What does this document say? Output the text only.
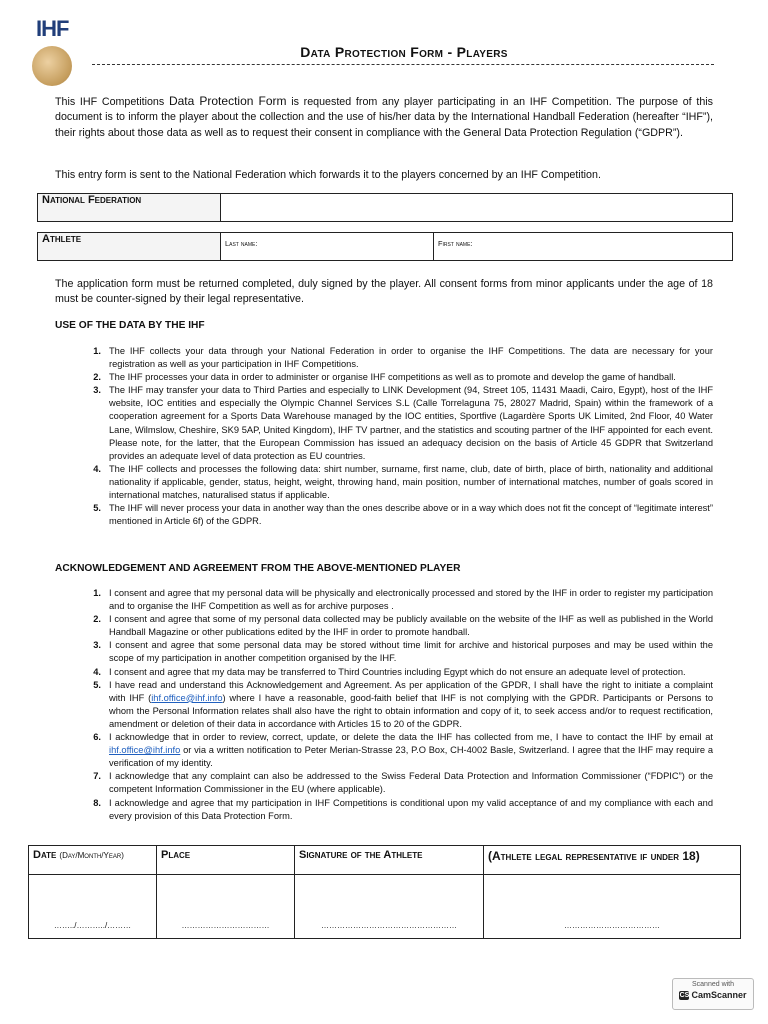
IHF
Data Protection Form - Players
This IHF Competitions Data Protection Form is requested from any player participating in an IHF Competition. The purpose of this document is to inform the player about the collection and the use of his/her data by the International Handball Federation (hereafter “IHF”), their rights about those data as well as to request their consent in compliance with the General Data Protection Regulation (“GDPR”).
This entry form is sent to the National Federation which forwards it to the players concerned by an IHF Competition.
National Federation	
Athlete	Last name:	First name:
The application form must be returned completed, duly signed by the player. All consent forms from minor applicants under the age of 18 must be counter-signed by their legal representative.
USE OF THE DATA BY THE IHF
1. The IHF collects your data through your National Federation in order to organise the IHF Competitions. The data are necessary for your registration as well as your participation in IHF Competitions.
2. The IHF processes your data in order to administer or organise IHF competitions as well as to promote and develop the game of handball.
3. The IHF may transfer your data to Third Parties and especially to LINK Development (94, Street 105, 11431 Maadi, Cairo, Egypt), host of the IHF website, IOC entities and especially the Olympic Channel Services S.L (Calle Torrelaguna 75, 28027 Madrid, Spain) within the framework of a cooperation agreement for a Sports Data Warehouse managed by the IOC entities, Sportfive (Lagardère Sports UK Limited, 2nd Floor, 40 Water Lane, Wilmslow, Cheshire, SK9 5AP, United Kingdom), IHF TV partner, and the statistics and scouting partner of the IHF appointed for each event. Please note, for the latter, that the European Commission has issued an adequacy decision on the basis of Article 45 GDPR that Switzerland provides an adequate level of data protection as EU countries.
4. The IHF collects and processes the following data: shirt number, surname, first name, club, date of birth, place of birth, nationality and additional nationality if applicable, gender, status, height, weight, throwing hand, main position, number of international matches, number of goals scored in international matches, naturalised status if applicable.
5. The IHF will never process your data in another way than the ones describe above or in a way which does not fit the concept of “legitimate interest” mentioned in Article 6f) of the GDPR.
ACKNOWLEDGEMENT AND AGREEMENT FROM THE ABOVE-MENTIONED PLAYER
1. I consent and agree that my personal data will be physically and electronically processed and stored by the IHF in order to register my participation and to organise the IHF Competition as well as for archive purposes .
2. I consent and agree that some of my personal data collected may be publicly available on the website of the IHF as well as published in the World Handball Magazine or other publications edited by the IHF in order to promote handball.
3. I consent and agree that some personal data may be stored without time limit for archive and historical purposes and may be used within the scope of my participation in another competition organised by the IHF.
4. I consent and agree that my data may be transferred to Third Countries including Egypt which do not ensure an adequate level of protection.
5. I have read and understand this Acknowledgement and Agreement. As per application of the GPDR, I shall have the right to initiate a complaint with IHF (ihf.office@ihf.info) where I have a reasonable, good-faith belief that IHF is not complying with the GPDR. Participants or Persons to whom the Personal Information relates shall also have the right to obtain information and copy of it, to seek access and/or to request rectification, amendment or deletion of their data in accordance with Articles 15 to 20 of the GDPR.
6. I acknowledge that in order to review, correct, update, or delete the data the IHF has collected from me, I have to contact the IHF by email at ihf.office@ihf.info or via a written notification to Peter Merian-Strasse 23, P.O Box, CH-4002 Basle, Switzerland. I agree that the IHF may require a verification of my identity.
7. I acknowledge that any complaint can also be addressed to the Swiss Federal Data Protection and Information Commissioner (“FDPIC”) or the competent Information Commissioner in the EU (where applicable).
8. I acknowledge and agree that my participation in IHF Competitions is conditional upon my valid acceptance of and my compliance with each and every provision of this Data Protection Form.
Date (Day/Month/Year)	Place	Signature of the Athlete	(Athlete legal representative if under 18)
……../………../………	……………………………	……………………………………………	………………………………
Scanned with
CS CamScanner
